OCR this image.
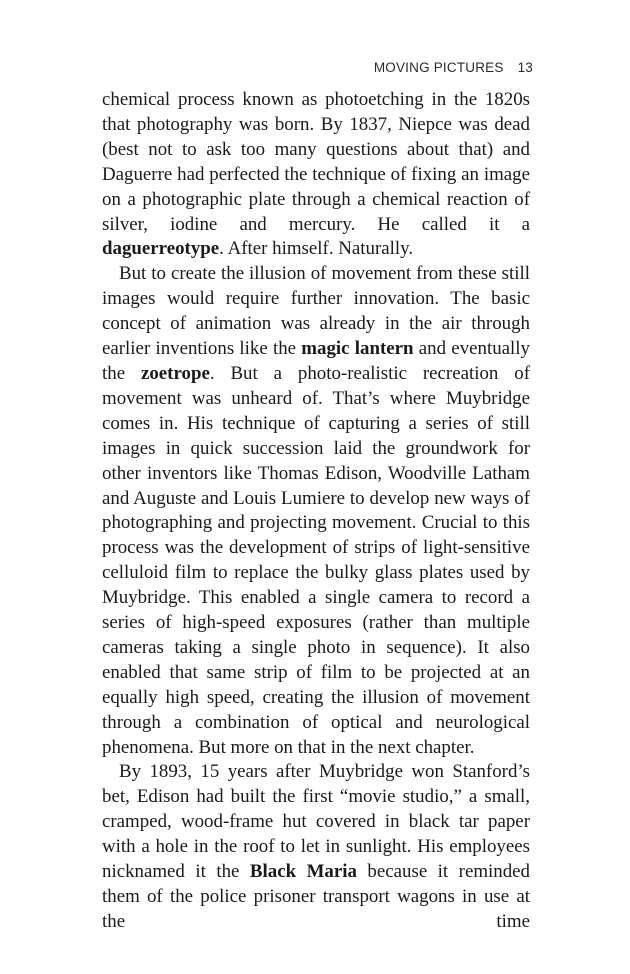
MOVING PICTURES 13

chemical process known as photoetching in the 1820s that photography was born. By 1837, Niepce was dead (best not to ask too many questions about that) and Daguerre had perfected the technique of fixing an image on a photographic plate through a chemical reaction of silver, iodine and mercury. He called it a daguerreotype. After himself. Naturally.

But to create the illusion of movement from these still images would require further innovation. The basic concept of animation was already in the air through earlier inventions like the magic lantern and eventually the zoetrope. But a photo-realistic recreation of movement was unheard of. That’s where Muybridge comes in. His technique of capturing a series of still images in quick succession laid the groundwork for other inventors like Thomas Edison, Woodville Latham and Auguste and Louis Lumiere to develop new ways of photographing and projecting movement. Crucial to this process was the development of strips of light-sensitive celluloid film to replace the bulky glass plates used by Muybridge. This enabled a single camera to record a series of high-speed exposures (rather than multiple cameras taking a single photo in sequence). It also enabled that same strip of film to be projected at an equally high speed, creating the illusion of movement through a combination of optical and neurological phenomena. But more on that in the next chapter.

By 1893, 15 years after Muybridge won Stanford’s bet, Edison had built the first “movie studio,” a small, cramped, wood-frame hut covered in black tar paper with a hole in the roof to let in sunlight. His employees nicknamed it the Black Maria because it reminded them of the police prisoner transport wagons in use at the time
